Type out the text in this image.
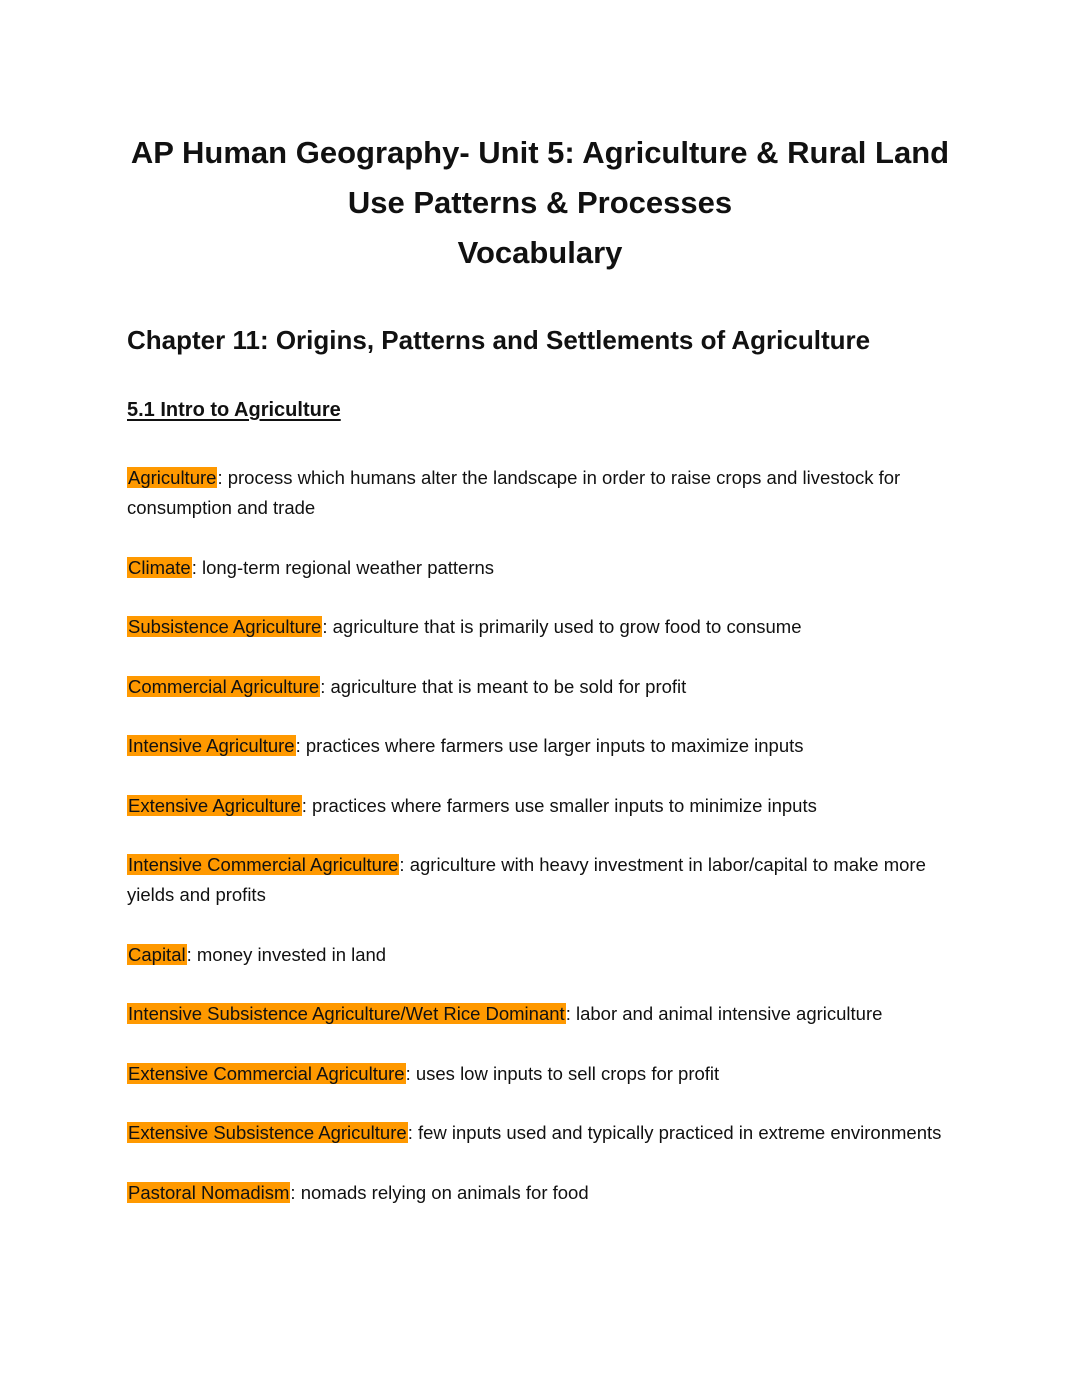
AP Human Geography- Unit 5: Agriculture & Rural Land
Use Patterns & Processes
Vocabulary
Chapter 11: Origins, Patterns and Settlements of Agriculture
5.1 Intro to Agriculture
Agriculture: process which humans alter the landscape in order to raise crops and livestock for consumption and trade
Climate: long-term regional weather patterns
Subsistence Agriculture: agriculture that is primarily used to grow food to consume
Commercial Agriculture: agriculture that is meant to be sold for profit
Intensive Agriculture: practices where farmers use larger inputs to maximize inputs
Extensive Agriculture: practices where farmers use smaller inputs to minimize inputs
Intensive Commercial Agriculture: agriculture with heavy investment in labor/capital to make more yields and profits
Capital: money invested in land
Intensive Subsistence Agriculture/Wet Rice Dominant: labor and animal intensive agriculture
Extensive Commercial Agriculture: uses low inputs to sell crops for profit
Extensive Subsistence Agriculture: few inputs used and typically practiced in extreme environments
Pastoral Nomadism: nomads relying on animals for food
